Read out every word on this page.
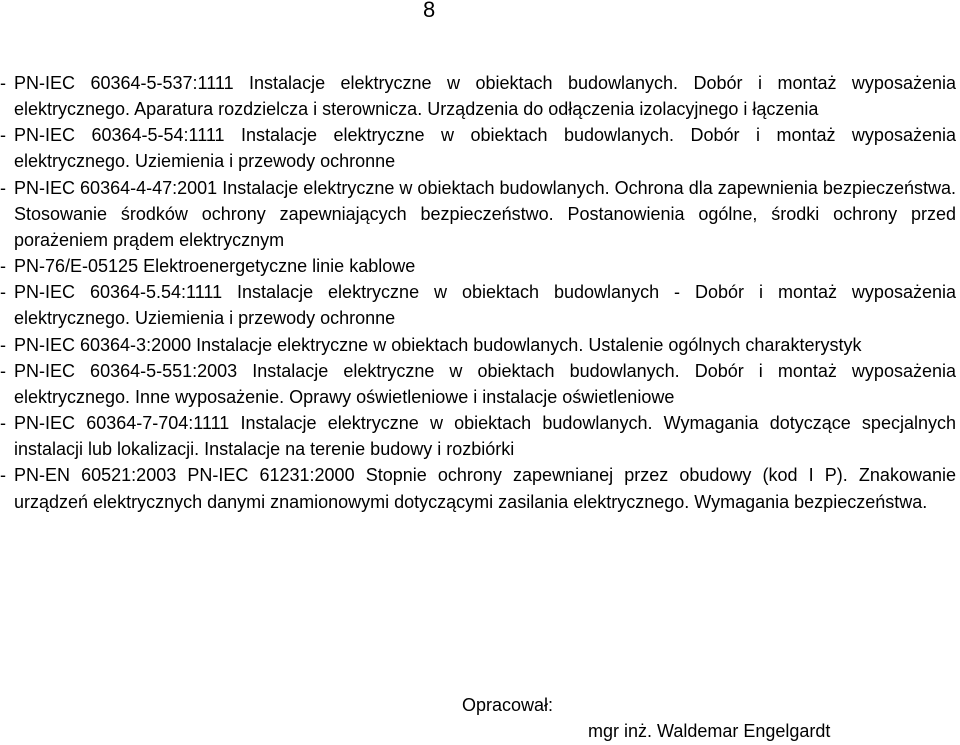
8

- PN-IEC 60364-5-537:1111 Instalacje elektryczne w obiektach budowlanych. Dobór i montaż wyposażenia elektrycznego. Aparatura rozdzielcza i sterownicza. Urządzenia do odłączenia izolacyjnego i łączenia

- PN-IEC 60364-5-54:1111 Instalacje elektryczne w obiektach budowlanych. Dobór i montaż wyposażenia elektrycznego. Uziemienia i przewody ochronne

- PN-IEC 60364-4-47:2001 Instalacje elektryczne w obiektach budowlanych. Ochrona dla zapewnienia bezpieczeństwa. Stosowanie środków ochrony zapewniających bezpieczeństwo. Postanowienia ogólne, środki ochrony przed porażeniem prądem elektrycznym

- PN-76/E-05125 Elektroenergetyczne linie kablowe

- PN-IEC 60364-5.54:1111 Instalacje elektryczne w obiektach budowlanych - Dobór i montaż wyposażenia elektrycznego. Uziemienia i przewody ochronne

- PN-IEC 60364-3:2000 Instalacje elektryczne w obiektach budowlanych. Ustalenie ogólnych charakterystyk

- PN-IEC 60364-5-551:2003 Instalacje elektryczne w obiektach budowlanych. Dobór i montaż wyposażenia elektrycznego. Inne wyposażenie. Oprawy oświetleniowe i instalacje oświetleniowe

- PN-IEC 60364-7-704:1111 Instalacje elektryczne w obiektach budowlanych. Wymagania dotyczące specjalnych instalacji lub lokalizacji. Instalacje na terenie budowy i rozbiórki

- PN-EN 60521:2003 PN-IEC 61231:2000 Stopnie ochrony zapewnianej przez obudowy (kod I P). Znakowanie urządzeń elektrycznych danymi znamionowymi dotyczącymi zasilania elektrycznego. Wymagania bezpieczeństwa.

Opracował:
mgr inż. Waldemar Engelgardt
